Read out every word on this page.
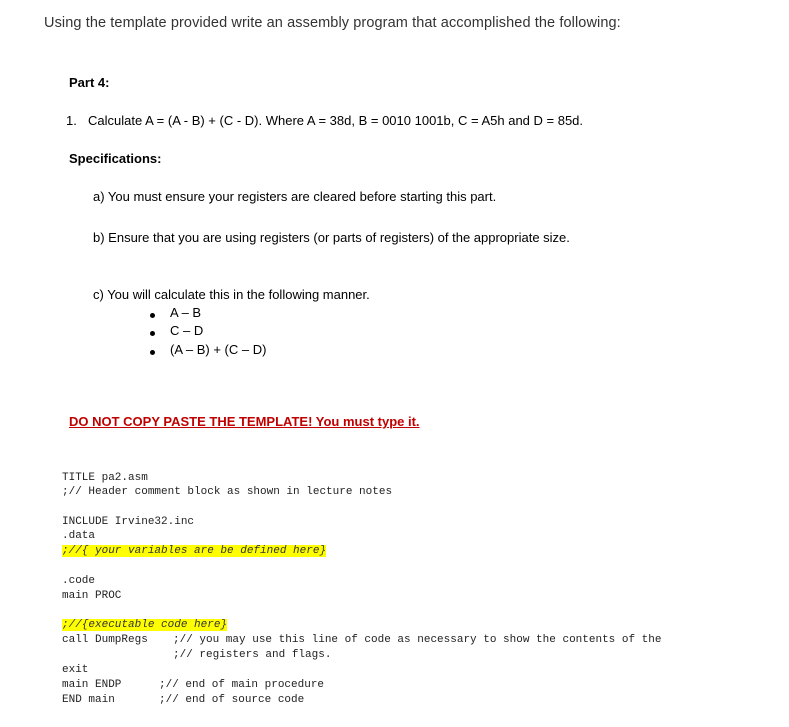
Using the template provided write an assembly program that accomplished the following:
Part 4:
1. Calculate A = (A - B) + (C - D). Where A = 38d, B = 0010 1001b, C = A5h and D = 85d.
Specifications:
a) You must ensure your registers are cleared before starting this part.
b) Ensure that you are using registers (or parts of registers) of the appropriate size.
c) You will calculate this in the following manner.
A – B
C – D
(A – B) + (C – D)
DO NOT COPY PASTE THE TEMPLATE! You must type it.
TITLE pa2.asm
;// Header comment block as shown in lecture notes
INCLUDE Irvine32.inc
.data
;//{ your variables are be defined here}
.code
main PROC
;//{executable code here}
call DumpRegs ;// you may use this line of code as necessary to show the contents of the
;// registers and flags.
exit
main ENDP	;// end of main procedure
END main	;// end of source code
